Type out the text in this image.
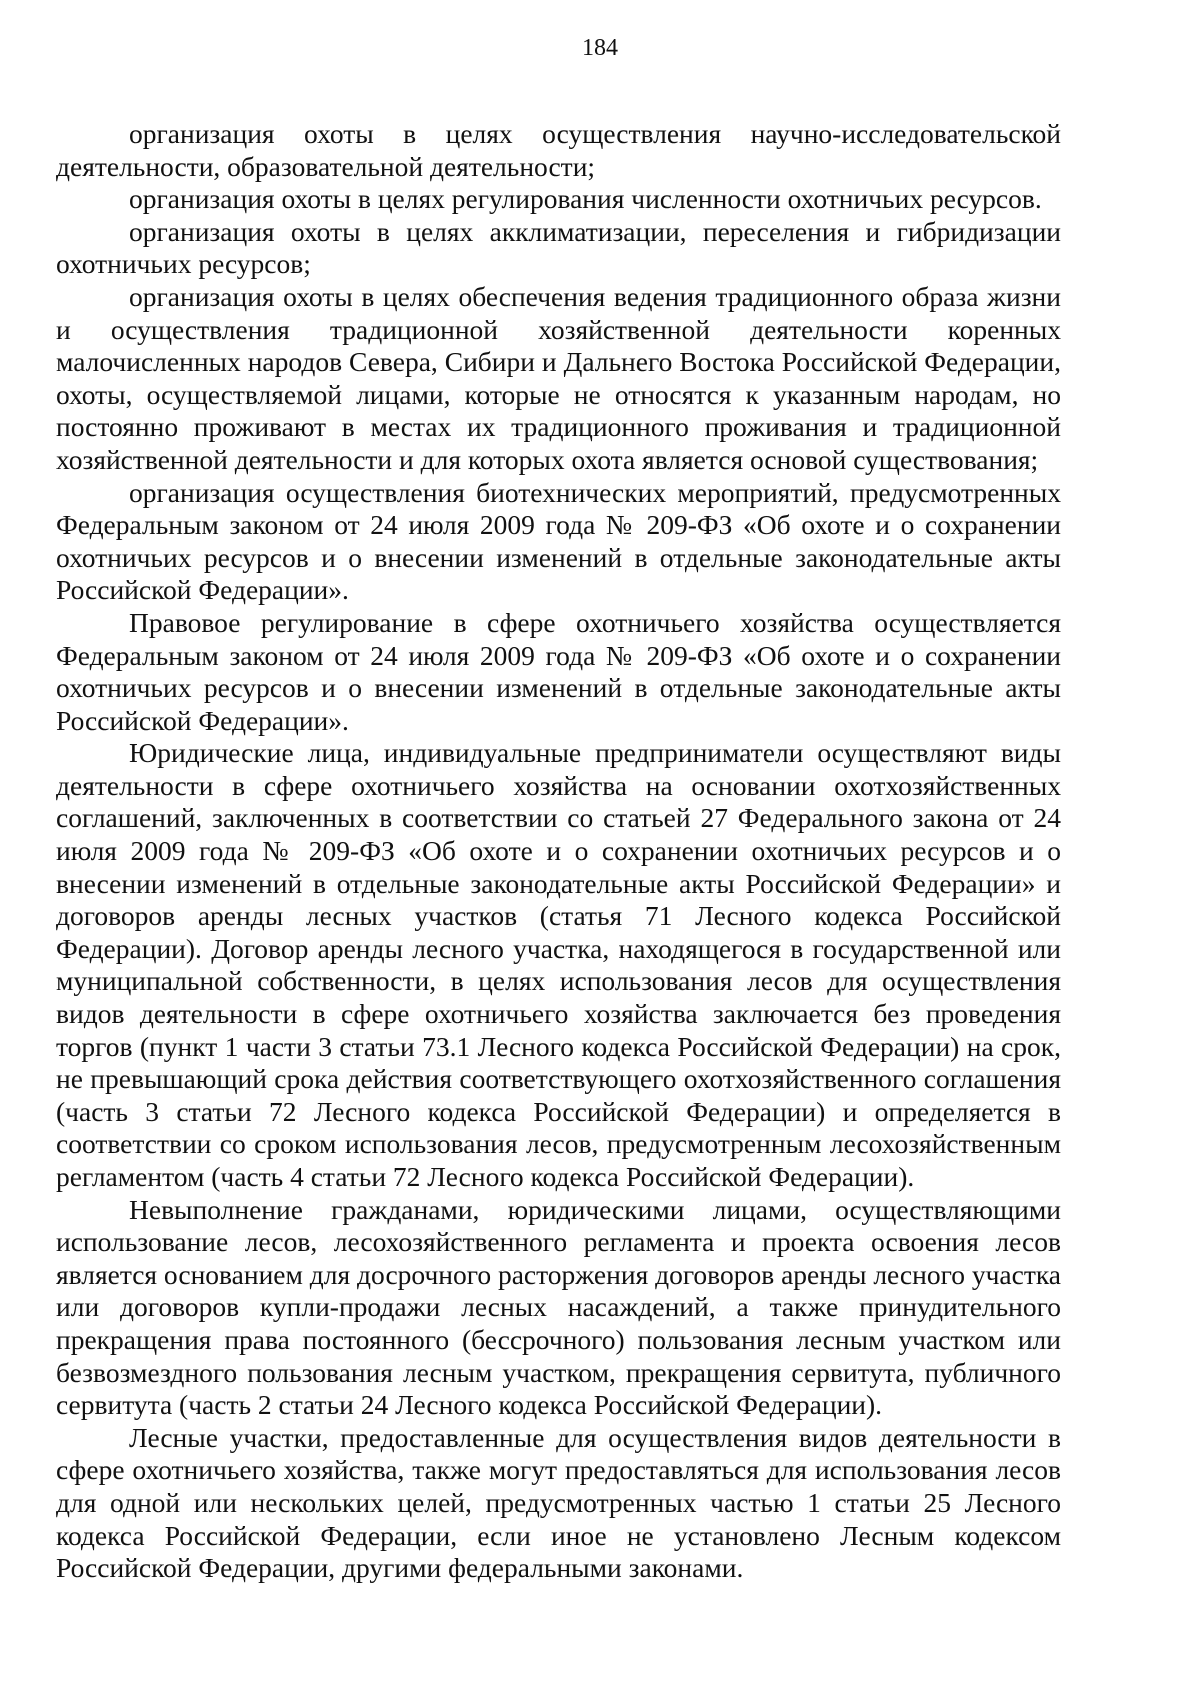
184

организация охоты в целях осуществления научно-исследовательской деятельности, образовательной деятельности;

организация охоты в целях регулирования численности охотничьих ресурсов.

организация охоты в целях акклиматизации, переселения и гибридизации охотничьих ресурсов;

организация охоты в целях обеспечения ведения традиционного образа жизни и осуществления традиционной хозяйственной деятельности коренных малочисленных народов Севера, Сибири и Дальнего Востока Российской Федерации, охоты, осуществляемой лицами, которые не относятся к указанным народам, но постоянно проживают в местах их традиционного проживания и традиционной хозяйственной деятельности и для которых охота является основой существования;

организация осуществления биотехнических мероприятий, предусмотренных Федеральным законом от 24 июля 2009 года № 209-ФЗ «Об охоте и о сохранении охотничьих ресурсов и о внесении изменений в отдельные законодательные акты Российской Федерации».

Правовое регулирование в сфере охотничьего хозяйства осуществляется Федеральным законом от 24 июля 2009 года № 209-ФЗ «Об охоте и о сохранении охотничьих ресурсов и о внесении изменений в отдельные законодательные акты Российской Федерации».

Юридические лица, индивидуальные предприниматели осуществляют виды деятельности в сфере охотничьего хозяйства на основании охотхозяйственных соглашений, заключенных в соответствии со статьей 27 Федерального закона от 24 июля 2009 года № 209-ФЗ «Об охоте и о сохранении охотничьих ресурсов и о внесении изменений в отдельные законодательные акты Российской Федерации» и договоров аренды лесных участков (статья 71 Лесного кодекса Российской Федерации). Договор аренды лесного участка, находящегося в государственной или муниципальной собственности, в целях использования лесов для осуществления видов деятельности в сфере охотничьего хозяйства заключается без проведения торгов (пункт 1 части 3 статьи 73.1 Лесного кодекса Российской Федерации) на срок, не превышающий срока действия соответствующего охотхозяйственного соглашения (часть 3 статьи 72 Лесного кодекса Российской Федерации) и определяется в соответствии со сроком использования лесов, предусмотренным лесохозяйственным регламентом (часть 4 статьи 72 Лесного кодекса Российской Федерации).

Невыполнение гражданами, юридическими лицами, осуществляющими использование лесов, лесохозяйственного регламента и проекта освоения лесов является основанием для досрочного расторжения договоров аренды лесного участка или договоров купли-продажи лесных насаждений, а также принудительного прекращения права постоянного (бессрочного) пользования лесным участком или безвозмездного пользования лесным участком, прекращения сервитута, публичного сервитута (часть 2 статьи 24 Лесного кодекса Российской Федерации).

Лесные участки, предоставленные для осуществления видов деятельности в сфере охотничьего хозяйства, также могут предоставляться для использования лесов для одной или нескольких целей, предусмотренных частью 1 статьи 25 Лесного кодекса Российской Федерации, если иное не установлено Лесным кодексом Российской Федерации, другими федеральными законами.
